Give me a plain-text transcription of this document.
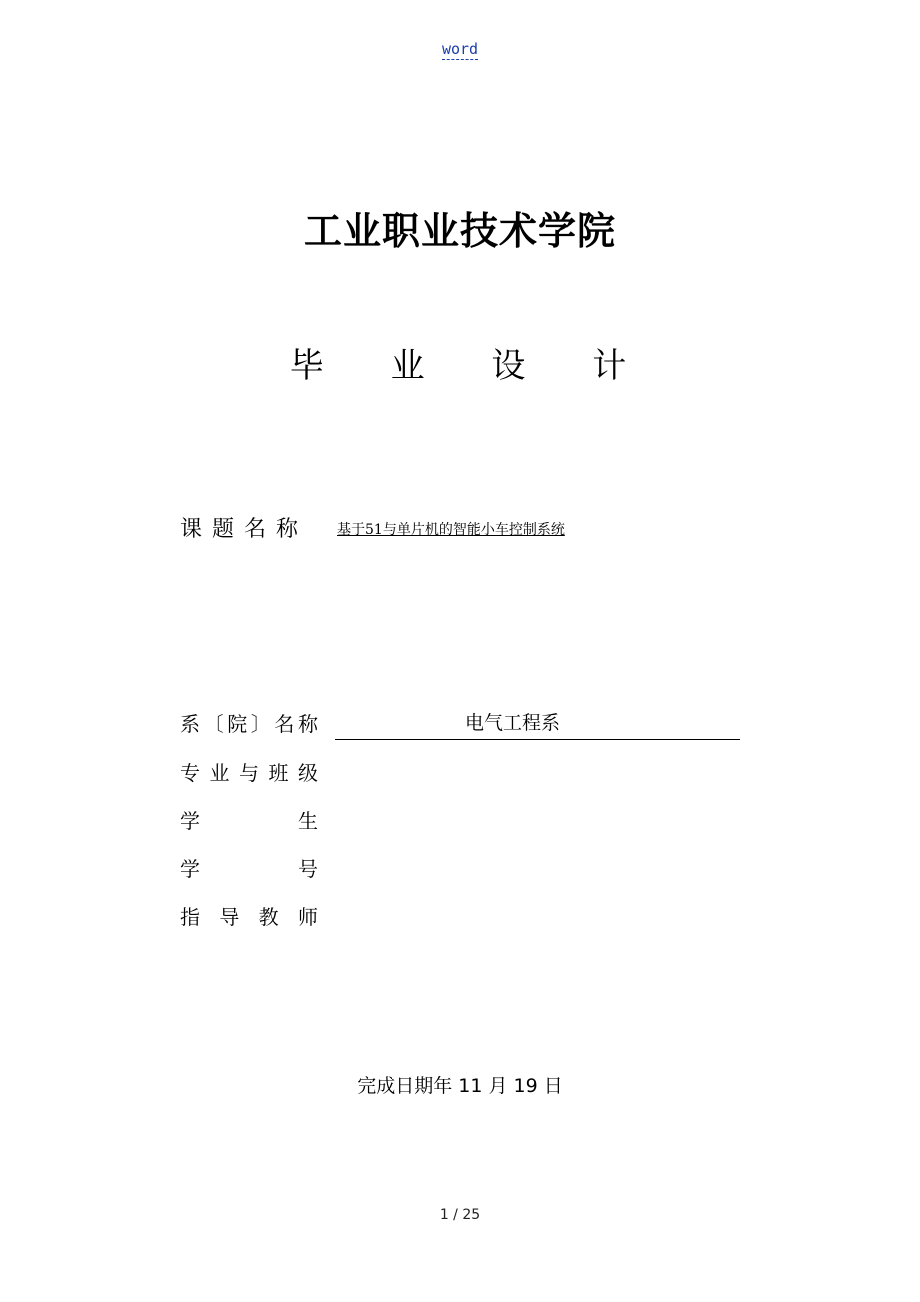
word
工业职业技术学院
毕 业 设 计
课题名称 基于51与单片机的智能小车控制系统
系〔院〕名称	电气工程系
专业与班级
学生
学号
指导教师
完成日期年 11 月 19 日
1 / 25
